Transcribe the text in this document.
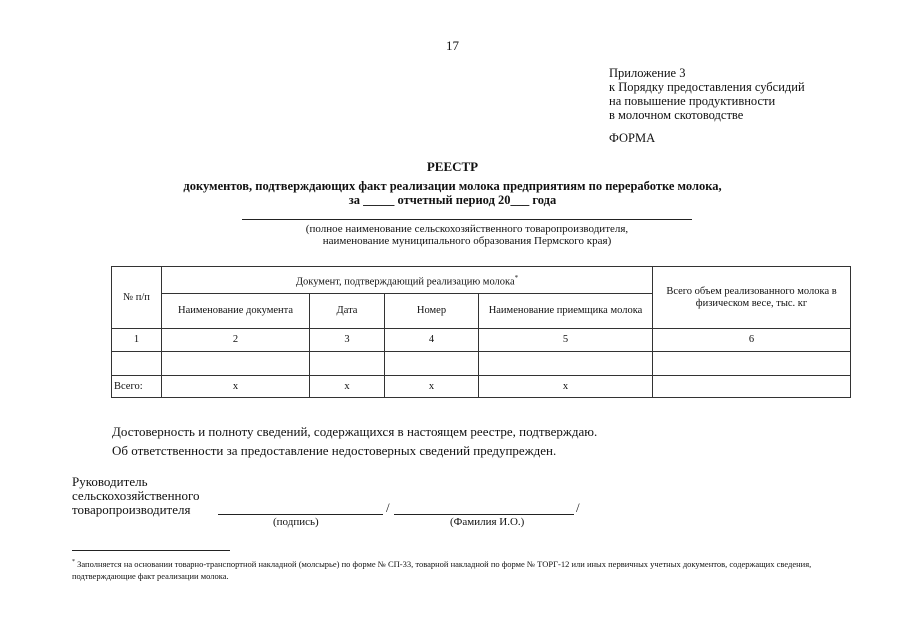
17
Приложение 3
к Порядку предоставления субсидий
на повышение продуктивности
в молочном скотоводстве
ФОРМА
РЕЕСТР
документов, подтверждающих факт реализации молока предприятиям по переработке молока,
за _____ отчетный период 20___ года
(полное наименование сельскохозяйственного товаропроизводителя,
наименование муниципального образования Пермского края)
№ п/п	Документ, подтверждающий реализацию молока*				Всего объем реализованного молока в физическом весе, тыс. кг
	Наименование документа	Дата	Номер	Наименование приемщика молока	
1	2	3	4	5	6

Всего:	x	x	x	x	
Достоверность и полноту сведений, содержащихся в настоящем реестре, подтверждаю.
Об ответственности за предоставление недостоверных сведений предупрежден.
Руководитель
сельскохозяйственного
товаропроизводителя	/	/
(подпись)	(Фамилия И.О.)
* Заполняется на основании товарно-транспортной накладной (молсырье) по форме № СП-33, товарной накладной по форме № ТОРГ-12 или иных первичных учетных документов, содержащих сведения, подтверждающие факт реализации молока.
